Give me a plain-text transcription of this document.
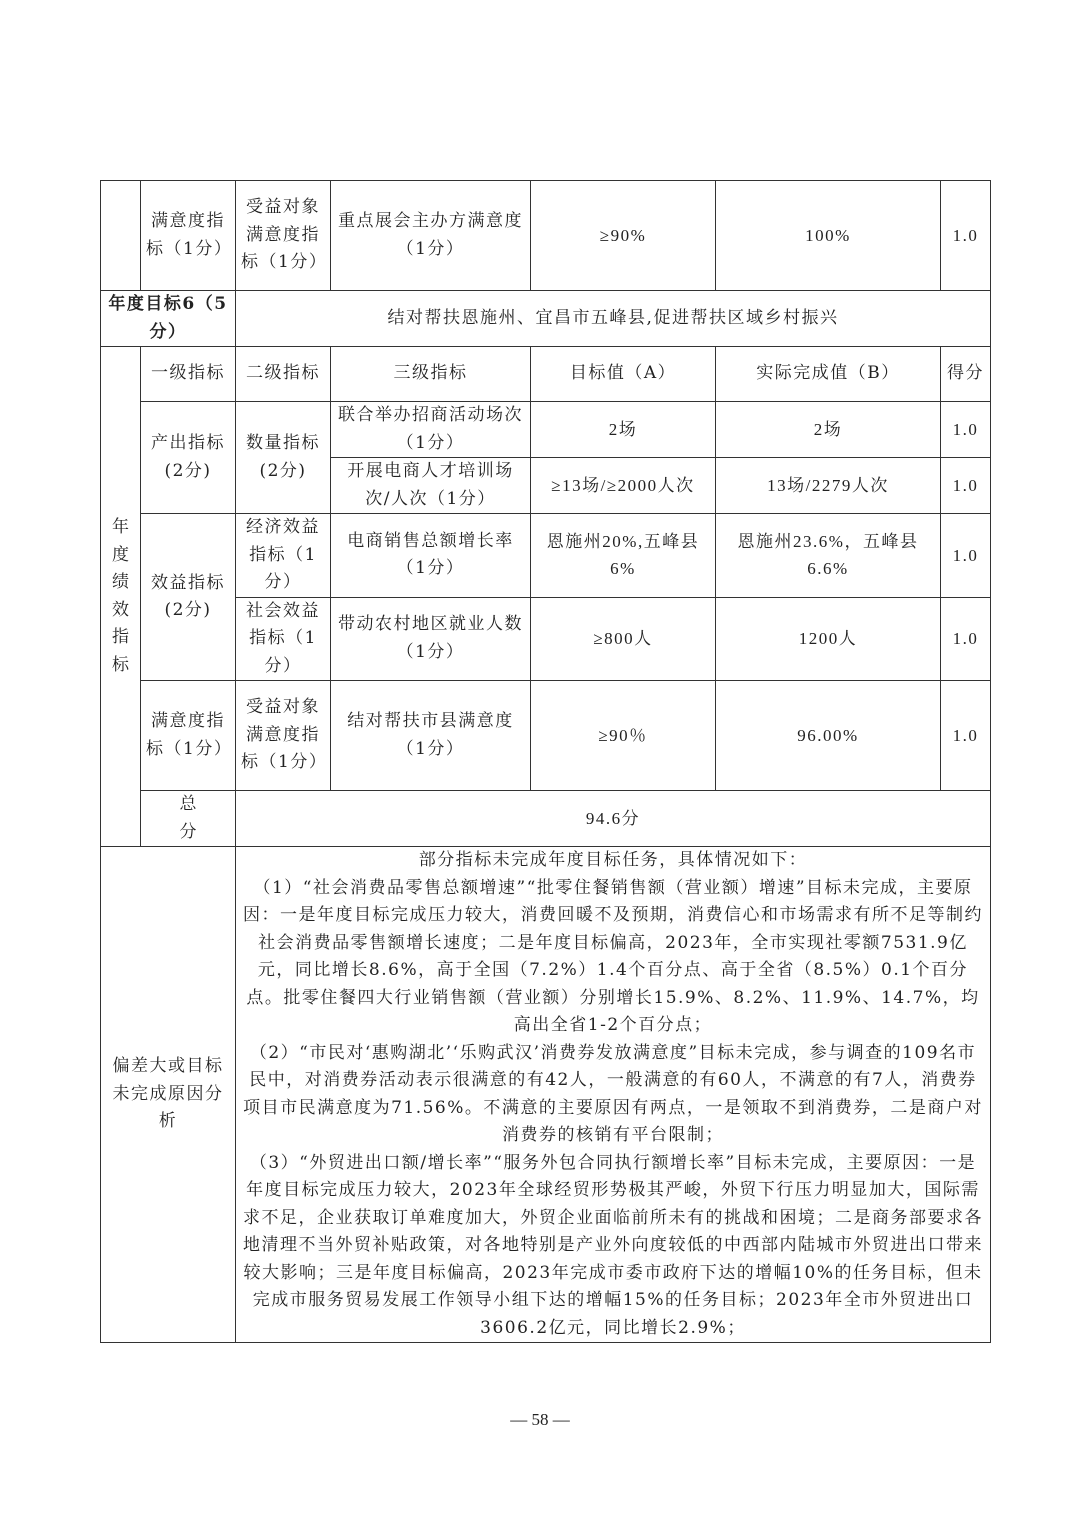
	满意度指标（1分）	受益对象满意度指标（1分）	重点展会主办方满意度（1分）	≥90%	100%	1.0
年度目标6（5分）		结对帮扶恩施州、宜昌市五峰县,促进帮扶区域乡村振兴				

年度绩效指标	一级指标	二级指标	三级指标	目标值（A）	实际完成值（B）	得分
	产出指标(2分)	数量指标(2分)	联合举办招商活动场次（1分）	2场	2场	1.0
			开展电商人才培训场次/人次（1分）	≥13场/≥2000人次	13场/2279人次	1.0
	效益指标(2分)	经济效益指标（1分）	电商销售总额增长率（1分）	恩施州20%,五峰县6%	恩施州23.6%，五峰县6.6%	1.0
		社会效益指标（1分）	带动农村地区就业人数（1分）	≥800人	1200人	1.0
	满意度指标（1分）	受益对象满意度指标（1分）	结对帮扶市县满意度（1分）	≥90％	96.00%	1.0

	总分	94.6分				
偏差大或目标未完成原因分析		部分指标未完成年度目标任务，具体情况如下：

（1）“社会消费品零售总额增速”“批零住餐销售额（营业额）增速”目标未完成，主要原因：一是年度目标完成压力较大，消费回暖不及预期，消费信心和市场需求有所不足等制约社会消费品零售额增长速度；二是年度目标偏高，2023年，全市实现社零额7531.9亿元，同比增长8.6%，高于全国（7.2%）1.4个百分点、高于全省（8.5%）0.1个百分点。批零住餐四大行业销售额（营业额）分别增长15.9%、8.2%、11.9%、14.7%，均高出全省1-2个百分点；

（2）“市民对‘惠购湖北’‘乐购武汉’消费券发放满意度”目标未完成，参与调查的109名市民中，对消费券活动表示很满意的有42人，一般满意的有60人，不满意的有7人，消费券项目市民满意度为71.56%。不满意的主要原因有两点，一是领取不到消费券，二是商户对消费券的核销有平台限制；

（3）“外贸进出口额/增长率”“服务外包合同执行额增长率”目标未完成，主要原因：一是年度目标完成压力较大，2023年全球经贸形势极其严峻，外贸下行压力明显加大，国际需求不足，企业获取订单难度加大，外贸企业面临前所未有的挑战和困境；二是商务部要求各地清理不当外贸补贴政策，对各地特别是产业外向度较低的中西部内陆城市外贸进出口带来较大影响；三是年度目标偏高，2023年完成市委市政府下达的增幅10%的任务目标，但未完成市服务贸易发展工作领导小组下达的增幅15%的任务目标；2023年全市外贸进出口3606.2亿元，同比增长2.9%；				

— 58 —
